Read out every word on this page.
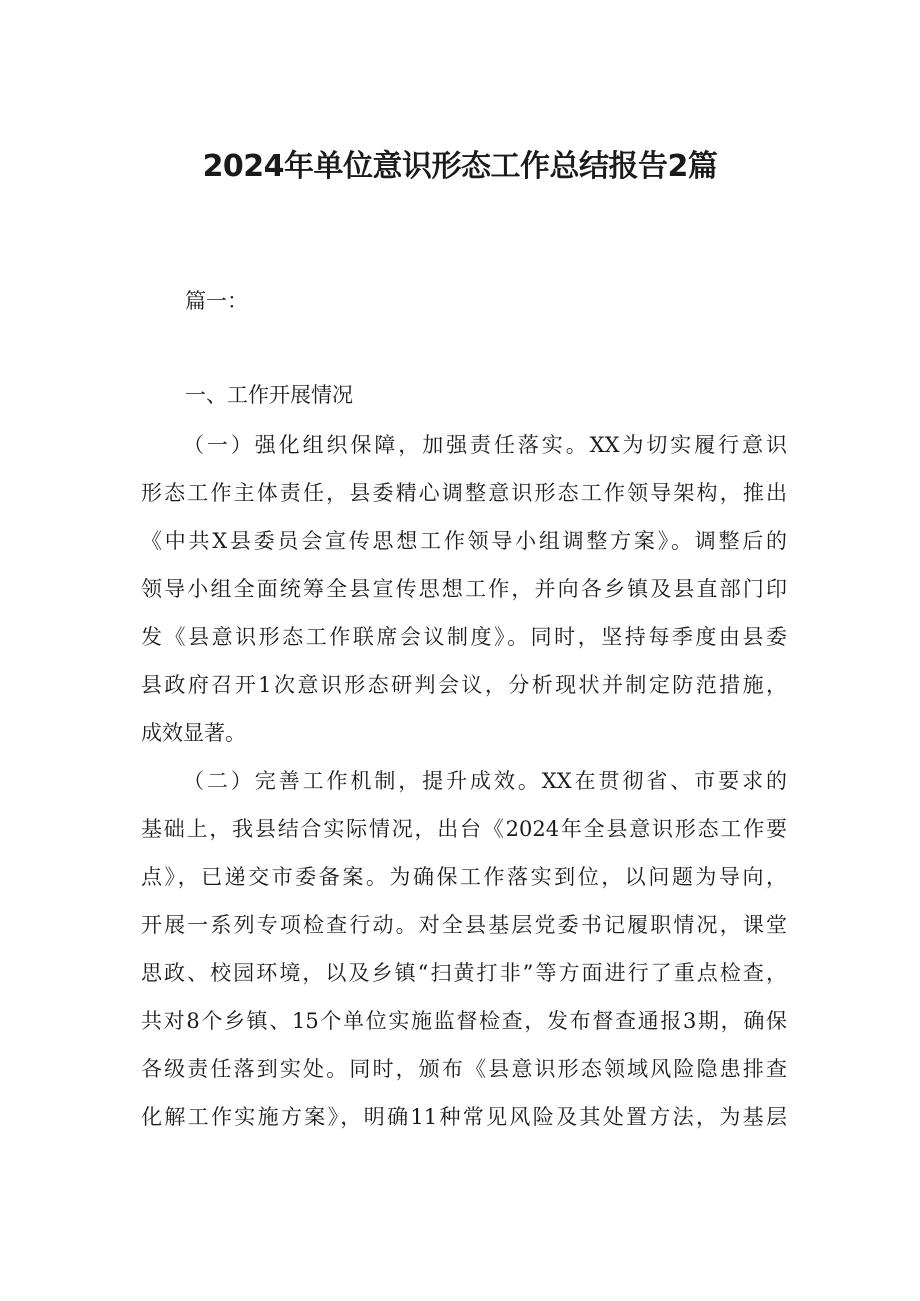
2024年单位意识形态工作总结报告2篇
篇一：
一、工作开展情况
（一）强化组织保障，加强责任落实。XX为切实履行意识
形态工作主体责任，县委精心调整意识形态工作领导架构，推出
《中共X县委员会宣传思想工作领导小组调整方案》。调整后的
领导小组全面统筹全县宣传思想工作，并向各乡镇及县直部门印
发《县意识形态工作联席会议制度》。同时，坚持每季度由县委
县政府召开1次意识形态研判会议，分析现状并制定防范措施，
成效显著。
（二）完善工作机制，提升成效。XX在贯彻省、市要求的
基础上，我县结合实际情况，出台《2024年全县意识形态工作要
点》，已递交市委备案。为确保工作落实到位，以问题为导向，
开展一系列专项检查行动。对全县基层党委书记履职情况，课堂
思政、校园环境，以及乡镇“扫黄打非”等方面进行了重点检查，
共对8个乡镇、15个单位实施监督检查，发布督查通报3期，确保
各级责任落到实处。同时，颁布《县意识形态领域风险隐患排查
化解工作实施方案》，明确11种常见风险及其处置方法，为基层
